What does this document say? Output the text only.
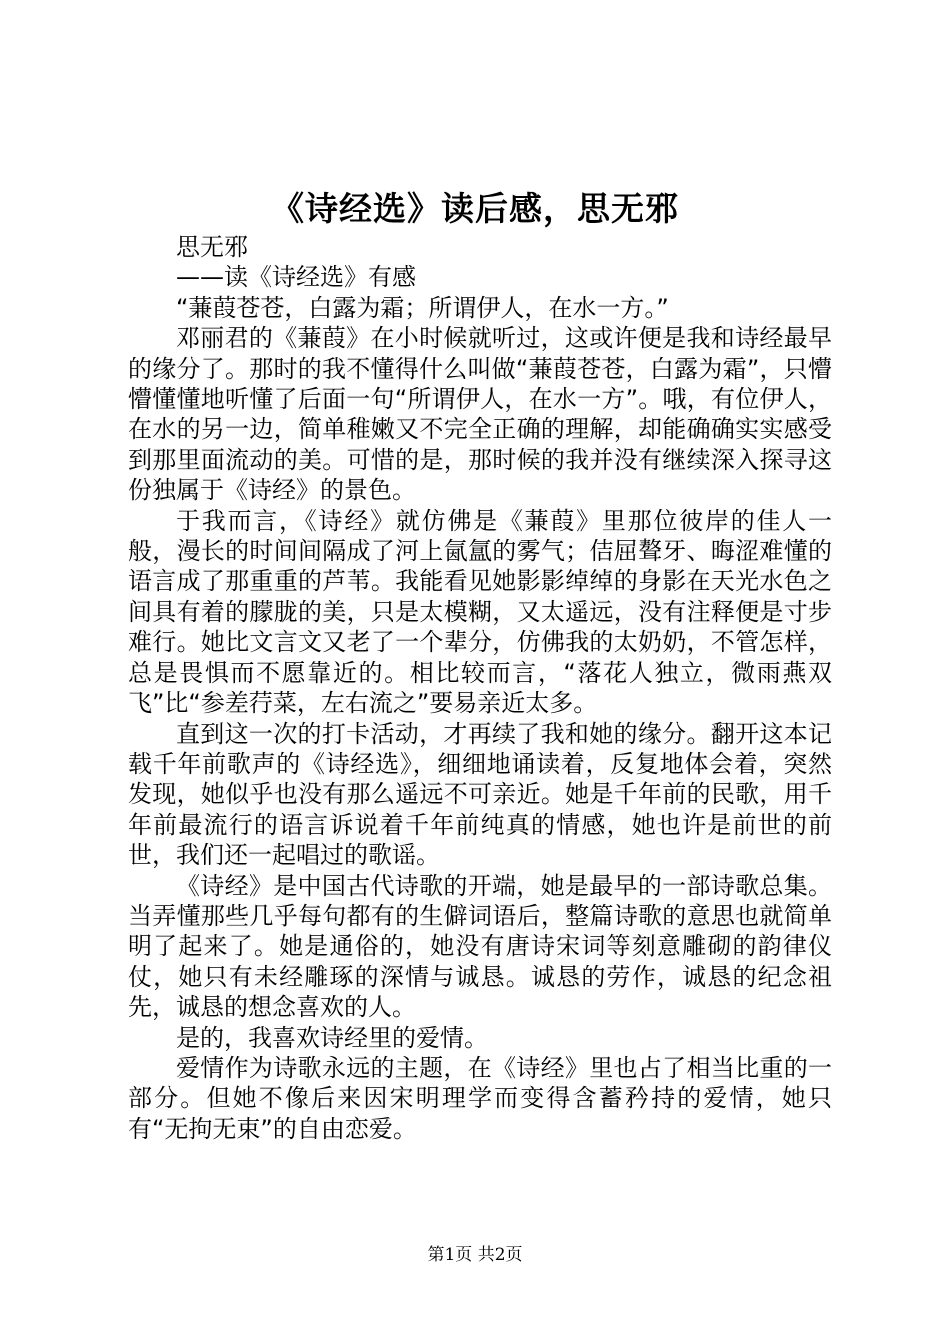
《诗经选》读后感，思无邪

思无邪

——读《诗经选》有感

“蒹葭苍苍，白露为霜；所谓伊人，在水一方。”

邓丽君的《蒹葭》在小时候就听过，这或许便是我和诗经最早的缘分了。那时的我不懂得什么叫做“蒹葭苍苍，白露为霜”，只懵懵懂懂地听懂了后面一句“所谓伊人，在水一方”。哦，有位伊人，在水的另一边，简单稚嫩又不完全正确的理解，却能确确实实感受到那里面流动的美。可惜的是，那时候的我并没有继续深入探寻这份独属于《诗经》的景色。

于我而言，《诗经》就仿佛是《蒹葭》里那位彼岸的佳人一般，漫长的时间间隔成了河上氤氲的雾气；佶屈聱牙、晦涩难懂的语言成了那重重的芦苇。我能看见她影影绰绰的身影在天光水色之间具有着的朦胧的美，只是太模糊，又太遥远，没有注释便是寸步难行。她比文言文又老了一个辈分，仿佛我的太奶奶，不管怎样，总是畏惧而不愿靠近的。相比较而言，“落花人独立，微雨燕双飞”比“参差荇菜，左右流之”要易亲近太多。

直到这一次的打卡活动，才再续了我和她的缘分。翻开这本记载千年前歌声的《诗经选》，细细地诵读着，反复地体会着，突然发现，她似乎也没有那么遥远不可亲近。她是千年前的民歌，用千年前最流行的语言诉说着千年前纯真的情感，她也许是前世的前世，我们还一起唱过的歌谣。

《诗经》是中国古代诗歌的开端，她是最早的一部诗歌总集。当弄懂那些几乎每句都有的生僻词语后，整篇诗歌的意思也就简单明了起来了。她是通俗的，她没有唐诗宋词等刻意雕砌的韵律仪仗，她只有未经雕琢的深情与诚恳。诚恳的劳作，诚恳的纪念祖先，诚恳的想念喜欢的人。

是的，我喜欢诗经里的爱情。

爱情作为诗歌永远的主题，在《诗经》里也占了相当比重的一部分。但她不像后来因宋明理学而变得含蓄矜持的爱情，她只有“无拘无束”的自由恋爱。

第1页 共2页
